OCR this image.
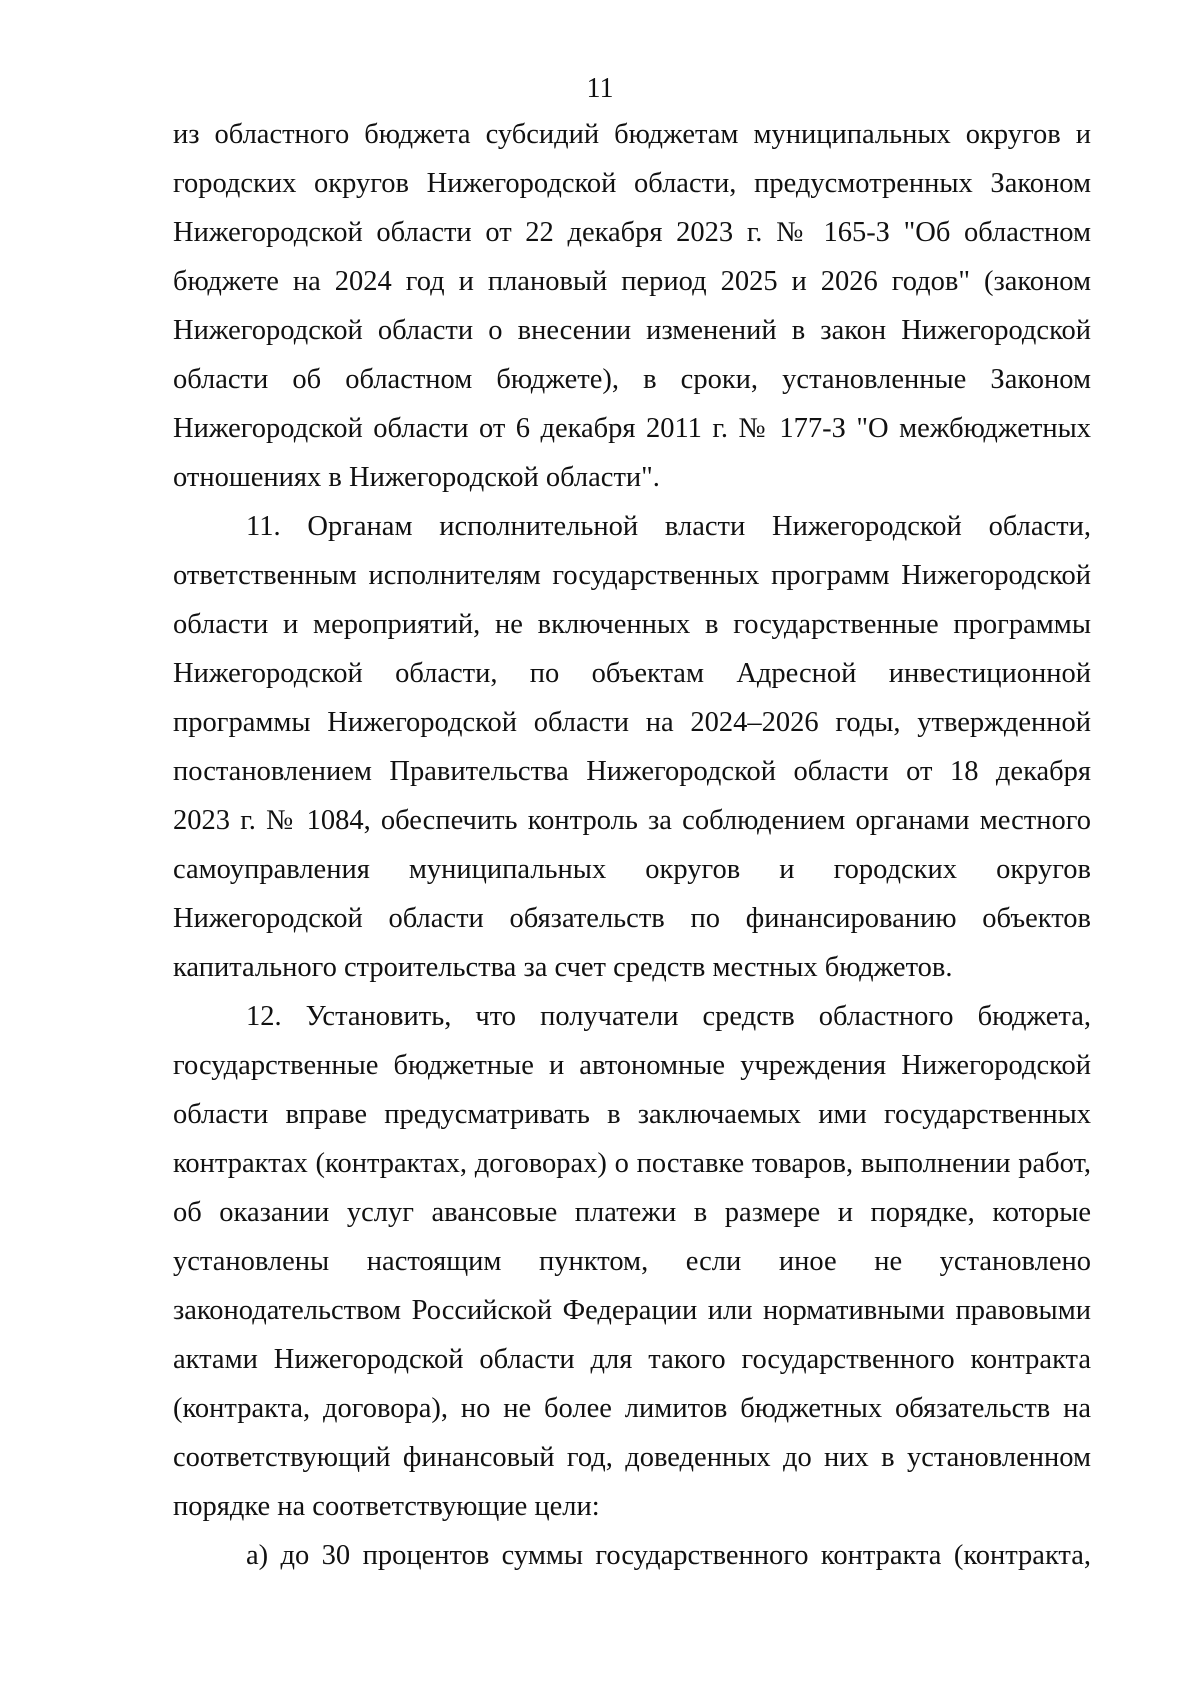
11

из областного бюджета субсидий бюджетам муниципальных округов и городских округов Нижегородской области, предусмотренных Законом Нижегородской области от 22 декабря 2023 г. № 165-З "Об областном бюджете на 2024 год и плановый период 2025 и 2026 годов" (законом Нижегородской области о внесении изменений в закон Нижегородской области об областном бюджете), в сроки, установленные Законом Нижегородской области от 6 декабря 2011 г. № 177-З "О межбюджетных отношениях в Нижегородской области".

11. Органам исполнительной власти Нижегородской области, ответственным исполнителям государственных программ Нижегородской области и мероприятий, не включенных в государственные программы Нижегородской области, по объектам Адресной инвестиционной программы Нижегородской области на 2024–2026 годы, утвержденной постановлением Правительства Нижегородской области от 18 декабря 2023 г. № 1084, обеспечить контроль за соблюдением органами местного самоуправления муниципальных округов и городских округов Нижегородской области обязательств по финансированию объектов капитального строительства за счет средств местных бюджетов.

12. Установить, что получатели средств областного бюджета, государственные бюджетные и автономные учреждения Нижегородской области вправе предусматривать в заключаемых ими государственных контрактах (контрактах, договорах) о поставке товаров, выполнении работ, об оказании услуг авансовые платежи в размере и порядке, которые установлены настоящим пунктом, если иное не установлено законодательством Российской Федерации или нормативными правовыми актами Нижегородской области для такого государственного контракта (контракта, договора), но не более лимитов бюджетных обязательств на соответствующий финансовый год, доведенных до них в установленном порядке на соответствующие цели:

а) до 30 процентов суммы государственного контракта (контракта,
